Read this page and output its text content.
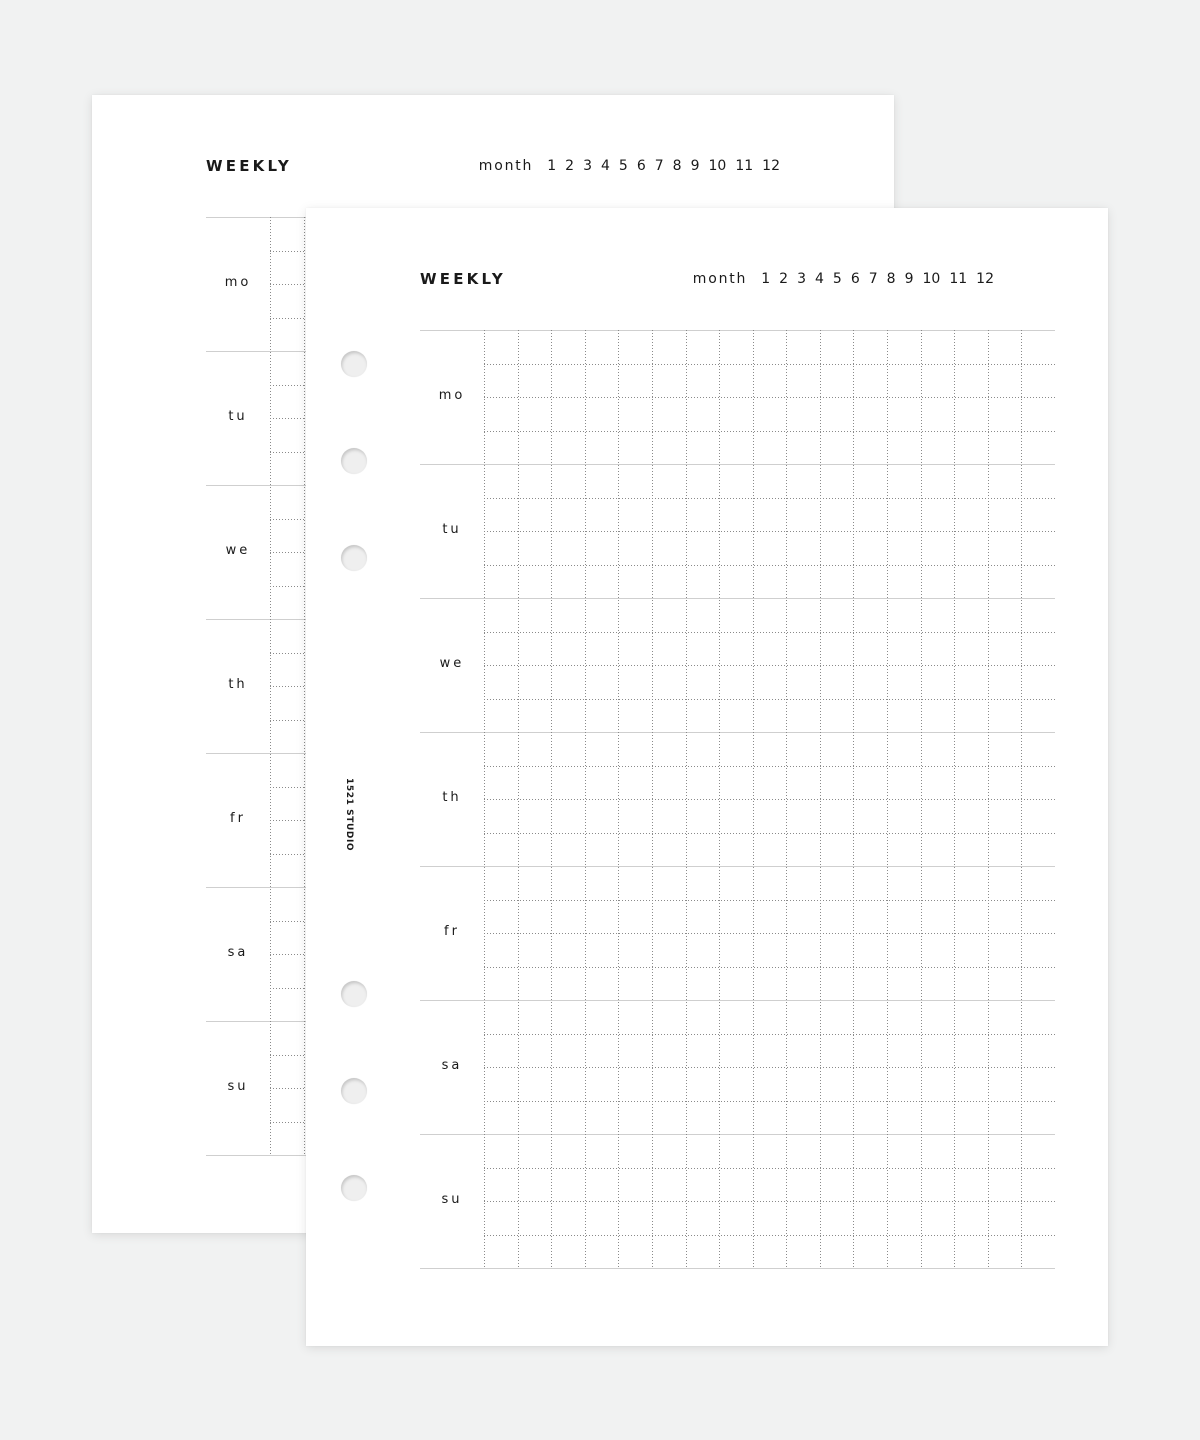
WEEKLY	month 1 2 3 4 5 6 7 8 9 10 11 12
mo
tu
we
th
fr
sa
su
1521 STUDIO
WEEKLY	month 1 2 3 4 5 6 7 8 9 10 11 12
mo
tu
we
th
fr
sa
su
